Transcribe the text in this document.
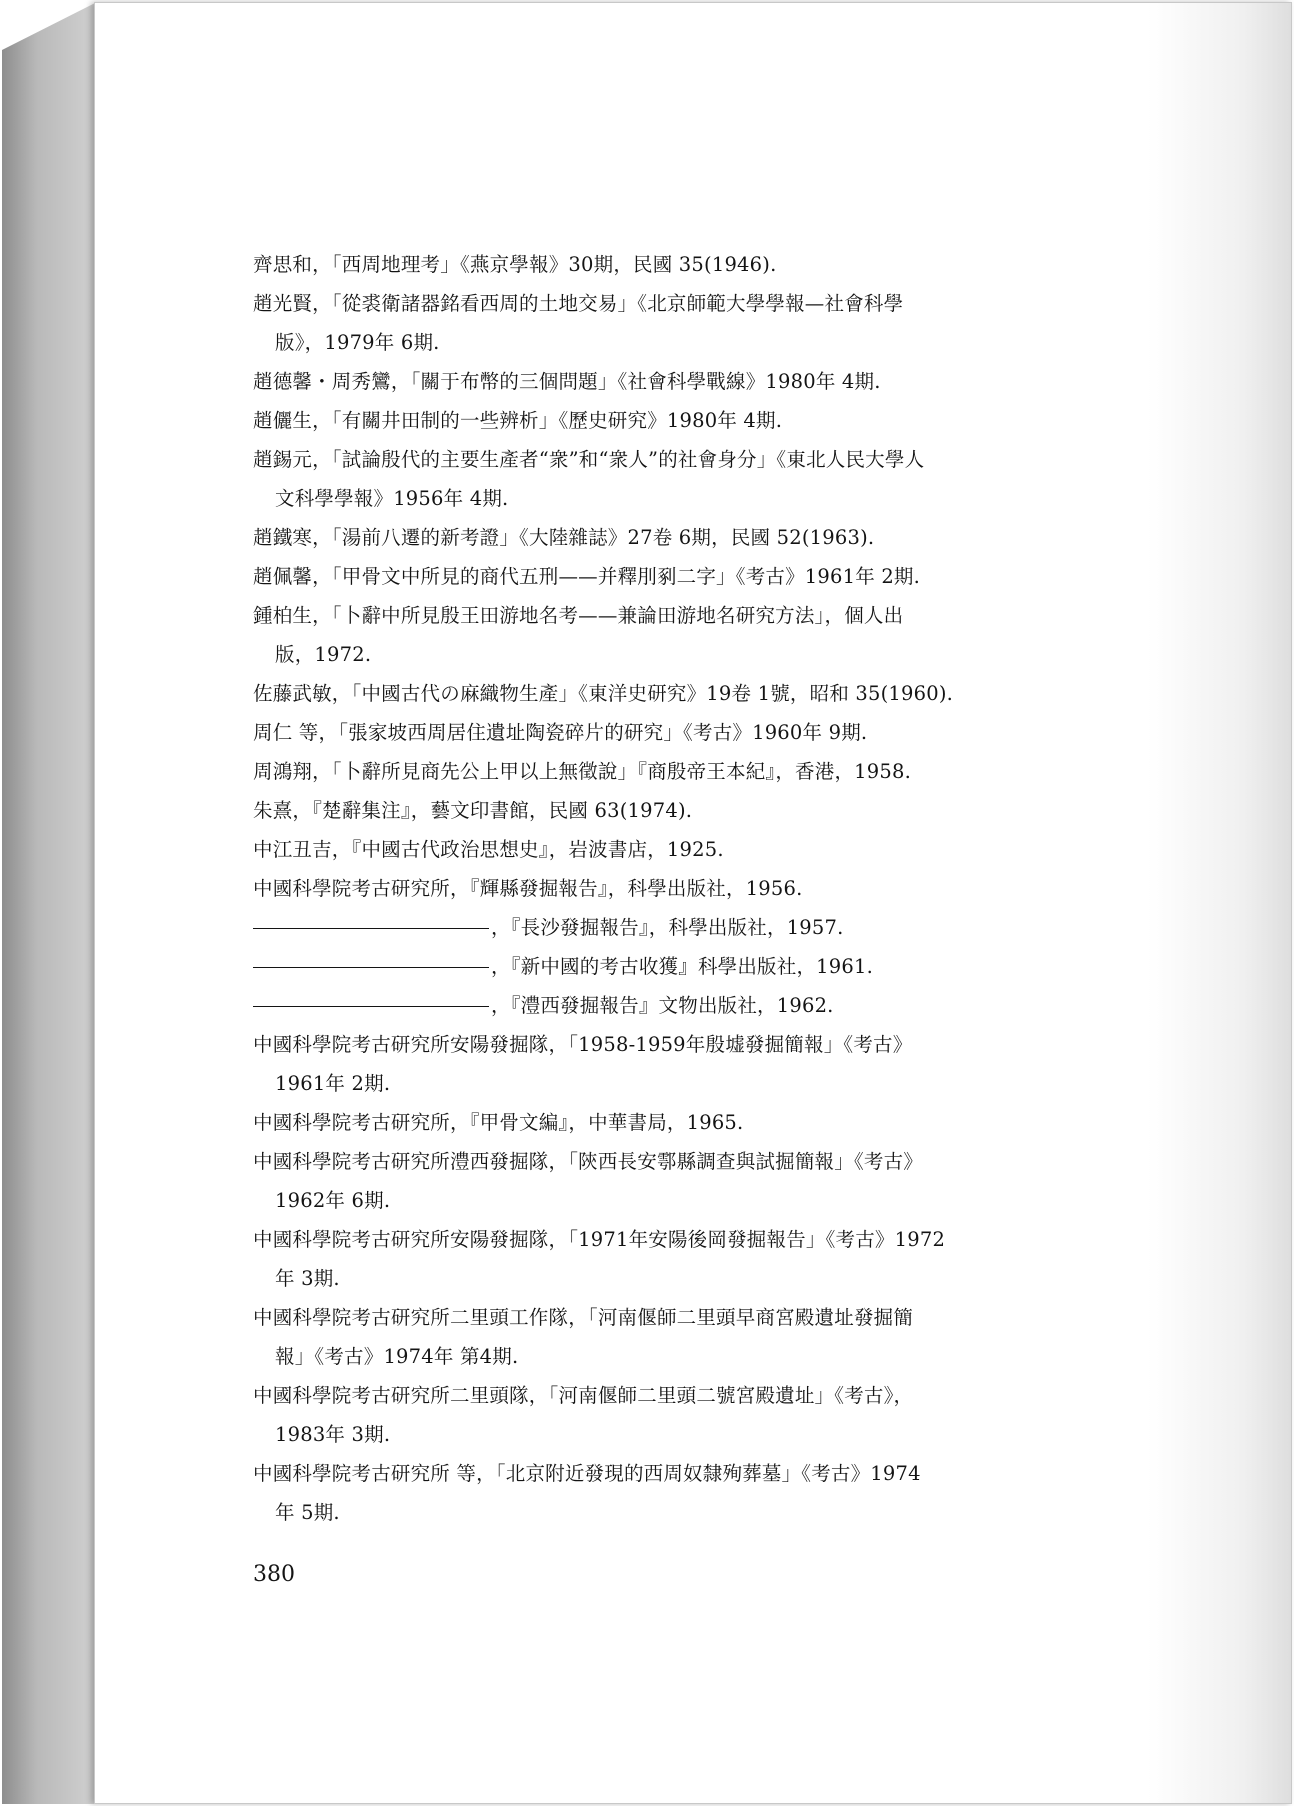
齊思和，「西周地理考」《燕京學報》30期，民國 35(1946).
趙光賢，「從裘衛諸器銘看西周的土地交易」《北京師範大學學報—社會科學
版》，1979年 6期.
趙德馨・周秀鸞，「關于布幣的三個問題」《社會科學戰線》1980年 4期.
趙儷生，「有關井田制的一些辨析」《歷史研究》1980年 4期.
趙錫元，「試論殷代的主要生產者“衆”和“衆人”的社會身分」《東北人民大學人
文科學學報》1956年 4期.
趙鐵寒，「湯前八遷的新考證」《大陸雜誌》27卷 6期，民國 52(1963).
趙佩馨，「甲骨文中所見的商代五刑——并釋刖剢二字」《考古》1961年 2期.
鍾柏生，「卜辭中所見殷王田游地名考——兼論田游地名研究方法」，個人出
版，1972.
佐藤武敏，「中國古代の麻織物生產」《東洋史研究》19卷 1號，昭和 35(1960).
周仁 等，「張家坡西周居住遺址陶瓷碎片的研究」《考古》1960年 9期.
周鴻翔，「卜辭所見商先公上甲以上無徵說」『商殷帝王本紀』，香港，1958.
朱熹，『楚辭集注』，藝文印書館，民國 63(1974).
中江丑吉，『中國古代政治思想史』，岩波書店，1925.
中國科學院考古研究所，『輝縣發掘報告』，科學出版社，1956.
，『長沙發掘報告』，科學出版社，1957.
，『新中國的考古收獲』科學出版社，1961.
，『澧西發掘報告』文物出版社，1962.
中國科學院考古研究所安陽發掘隊，「1958-1959年殷墟發掘簡報」《考古》
1961年 2期.
中國科學院考古研究所，『甲骨文編』，中華書局，1965.
中國科學院考古研究所澧西發掘隊，「陝西長安鄠縣調查與試掘簡報」《考古》
1962年 6期.
中國科學院考古研究所安陽發掘隊，「1971年安陽後岡發掘報告」《考古》1972
年 3期.
中國科學院考古研究所二里頭工作隊，「河南偃師二里頭早商宮殿遺址發掘簡
報」《考古》1974年 第4期.
中國科學院考古研究所二里頭隊，「河南偃師二里頭二號宮殿遺址」《考古》，
1983年 3期.
中國科學院考古研究所 等，「北京附近發現的西周奴隸殉葬墓」《考古》1974
年 5期.
380
